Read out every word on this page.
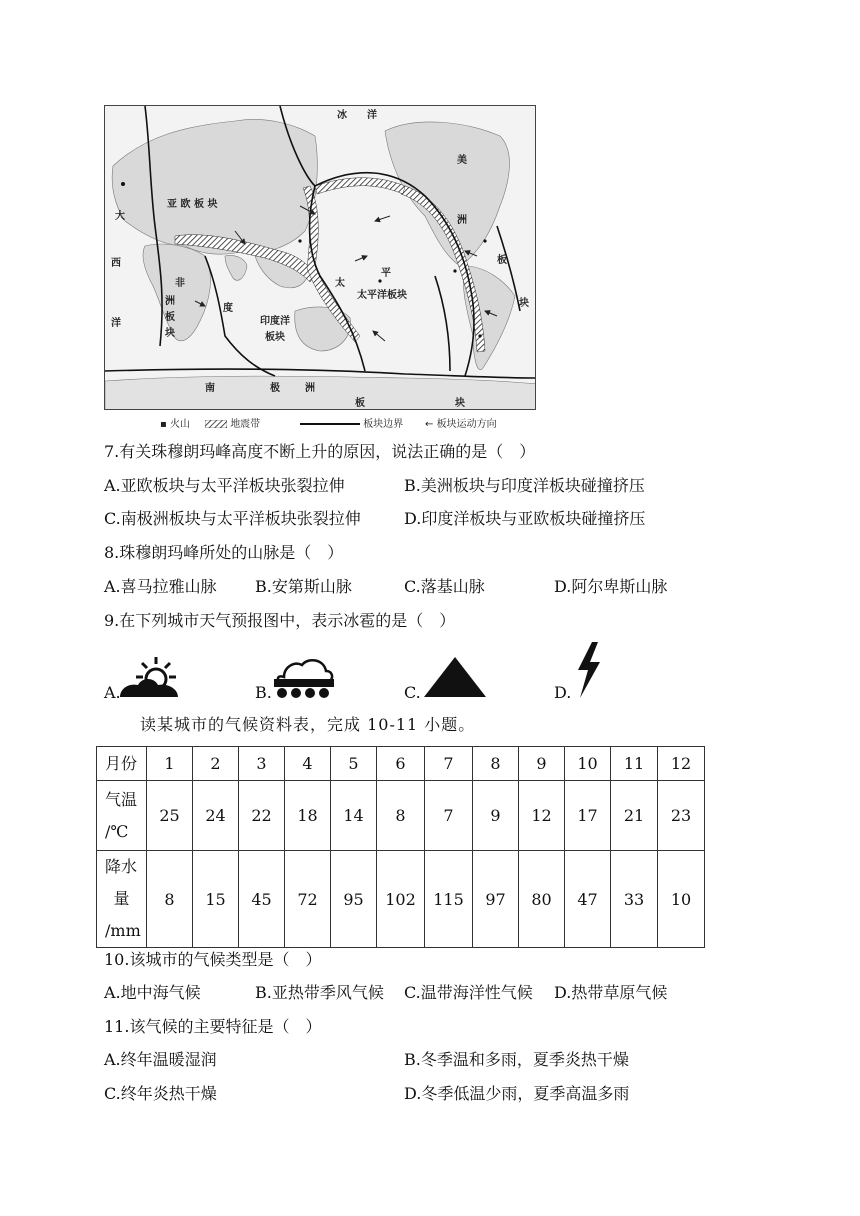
冰 洋
亚 欧 板 块
美
洲
板
块
大
西
洋
非
洲
板
块
度
印度洋
板块
太
平
太平洋板块
南	极	洲
板	块
▪ 火山	地震带	板块边界 ← 板块运动方向
7.有关珠穆朗玛峰高度不断上升的原因，说法正确的是（　）
A.亚欧板块与太平洋板块张裂拉伸	B.美洲板块与印度洋板块碰撞挤压
C.南极洲板块与太平洋板块张裂拉伸	D.印度洋板块与亚欧板块碰撞挤压
8.珠穆朗玛峰所处的山脉是（　）
A.喜马拉雅山脉 B.安第斯山脉	C.落基山脉	D.阿尔卑斯山脉
9.在下列城市天气预报图中，表示冰雹的是（　）
A.	B.	C.	D.
读某城市的气候资料表，完成 10-11 小题。
月份	1	2	3	4	5	6	7	8	9	10	11	12

气温
/℃	25	24	22	18	14	8	7	9	12	17	21	23

降水
量
/mm	8	15	45	72	95	102	115	97	80	47	33	10
10.该城市的气候类型是（　）
A.地中海气候	B.亚热带季风气候 C.温带海洋性气候 D.热带草原气候
11.该气候的主要特征是（　）
A.终年温暖湿润	B.冬季温和多雨，夏季炎热干燥
C.终年炎热干燥	D.冬季低温少雨，夏季高温多雨
